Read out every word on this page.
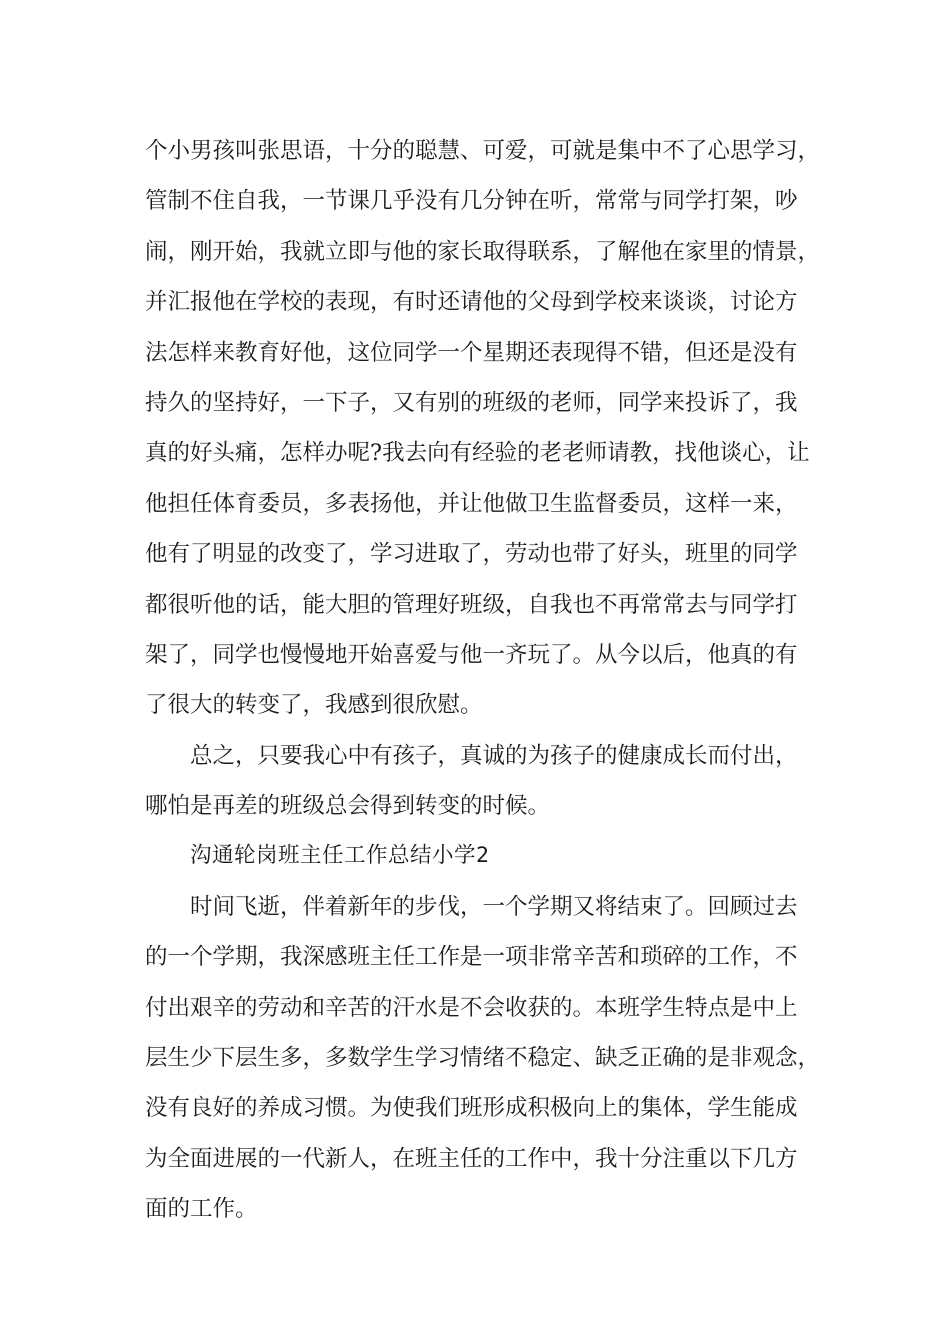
个小男孩叫张思语，十分的聪慧、可爱，可就是集中不了心思学习，
管制不住自我，一节课几乎没有几分钟在听，常常与同学打架，吵
闹，刚开始，我就立即与他的家长取得联系，了解他在家里的情景，
并汇报他在学校的表现，有时还请他的父母到学校来谈谈，讨论方
法怎样来教育好他，这位同学一个星期还表现得不错，但还是没有
持久的坚持好，一下子，又有别的班级的老师，同学来投诉了，我
真的好头痛，怎样办呢?我去向有经验的老老师请教，找他谈心，让
他担任体育委员，多表扬他，并让他做卫生监督委员，这样一来，
他有了明显的改变了，学习进取了，劳动也带了好头，班里的同学
都很听他的话，能大胆的管理好班级，自我也不再常常去与同学打
架了，同学也慢慢地开始喜爱与他一齐玩了。从今以后，他真的有
了很大的转变了，我感到很欣慰。
总之，只要我心中有孩子，真诚的为孩子的健康成长而付出，
哪怕是再差的班级总会得到转变的时候。
沟通轮岗班主任工作总结小学2
时间飞逝，伴着新年的步伐，一个学期又将结束了。回顾过去
的一个学期，我深感班主任工作是一项非常辛苦和琐碎的工作，不
付出艰辛的劳动和辛苦的汗水是不会收获的。本班学生特点是中上
层生少下层生多，多数学生学习情绪不稳定、缺乏正确的是非观念，
没有良好的养成习惯。为使我们班形成积极向上的集体，学生能成
为全面进展的一代新人，在班主任的工作中，我十分注重以下几方
面的工作。
